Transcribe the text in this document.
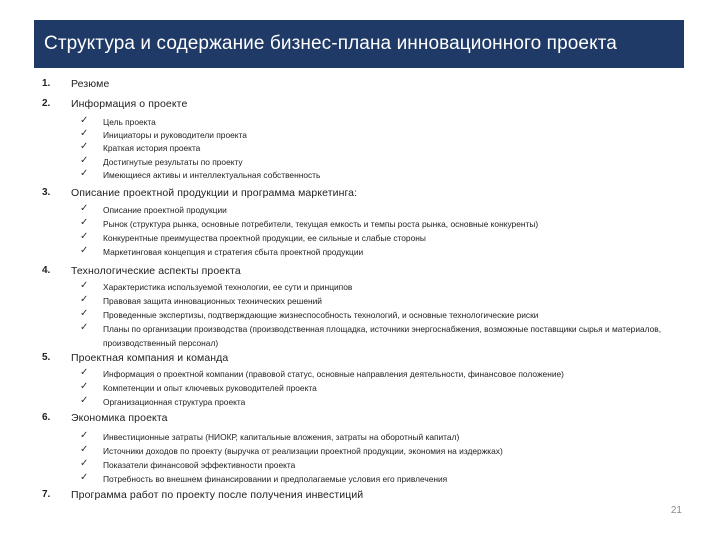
Структура и содержание бизнес-плана инновационного проекта
1. Резюме
2. Информация о проекте
✓ Цель проекта
✓ Инициаторы и руководители проекта
✓ Краткая история проекта
✓ Достигнутые результаты по проекту
✓ Имеющиеся активы и интеллектуальная собственность
3. Описание проектной продукции и программа маркетинга:
✓ Описание проектной продукции
✓ Рынок (структура рынка, основные потребители, текущая емкость и темпы роста рынка, основные конкуренты)
✓ Конкурентные преимущества проектной продукции, ее сильные и слабые стороны
✓ Маркетинговая концепция и стратегия сбыта проектной продукции
4. Технологические аспекты проекта
✓ Характеристика используемой технологии, ее сути и принципов
✓ Правовая защита инновационных технических решений
✓ Проведенные экспертизы, подтверждающие жизнеспособность технологий, и основные технологические риски
✓ Планы по организации производства (производственная площадка, источники энергоснабжения, возможные поставщики сырья и материалов, производственный персонал)
5. Проектная компания и команда
✓ Информация о проектной компании (правовой статус, основные направления деятельности, финансовое положение)
✓ Компетенции и опыт ключевых руководителей проекта
✓ Организационная структура проекта
6. Экономика проекта
✓ Инвестиционные затраты (НИОКР, капитальные вложения, затраты на оборотный капитал)
✓ Источники доходов по проекту (выручка от реализации проектной продукции, экономия на издержках)
✓ Показатели финансовой эффективности проекта
✓ Потребность во внешнем финансировании и предполагаемые условия его привлечения
7. Программа работ по проекту после получения инвестиций
21
